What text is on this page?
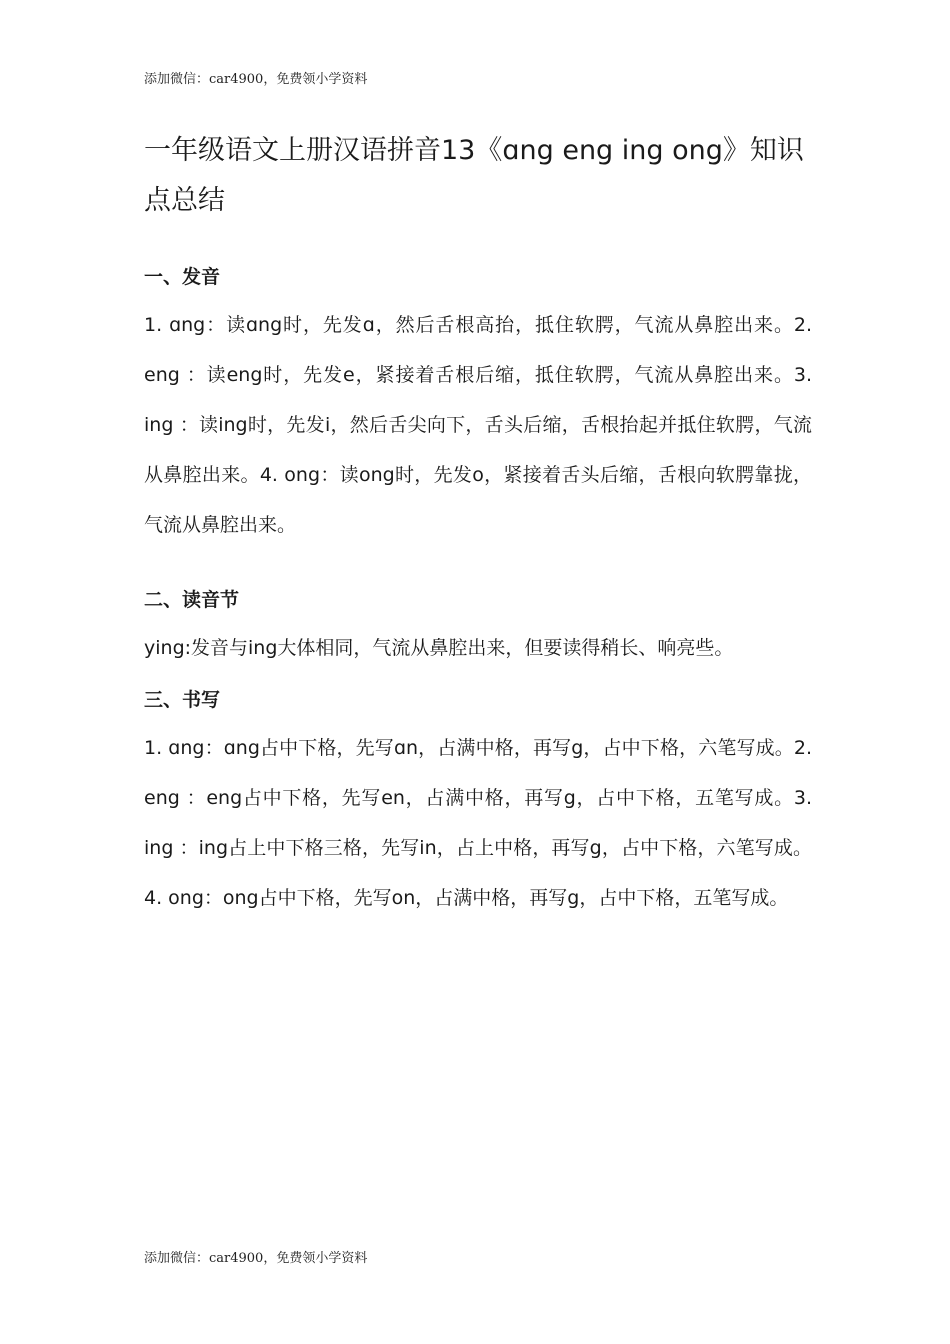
添加微信：car4900，免费领小学资料
一年级语文上册汉语拼音13《ɑng eng ing ong》知识点总结
一、发音

1. ɑng：读ɑng时，先发ɑ，然后舌根高抬，抵住软腭，气流从鼻腔出来。2. eng ：读eng时，先发e，紧接着舌根后缩，抵住软腭，气流从鼻腔出来。3. ing ：读ing时，先发i，然后舌尖向下，舌头后缩，舌根抬起并抵住软腭，气流从鼻腔出来。4. ong：读ong时，先发o，紧接着舌头后缩，舌根向软腭靠拢，气流从鼻腔出来。

二、读音节

ying:发音与ing大体相同，气流从鼻腔出来，但要读得稍长、响亮些。

三、书写

1. ɑng：ɑng占中下格，先写ɑn，占满中格，再写g，占中下格，六笔写成。2. eng ：eng占中下格，先写en，占满中格，再写g，占中下格，五笔写成。3. ing ：ing占上中下格三格，先写in，占上中格，再写g，占中下格，六笔写成。4. ong：ong占中下格，先写on，占满中格，再写g，占中下格，五笔写成。

添加微信：car4900，免费领小学资料
